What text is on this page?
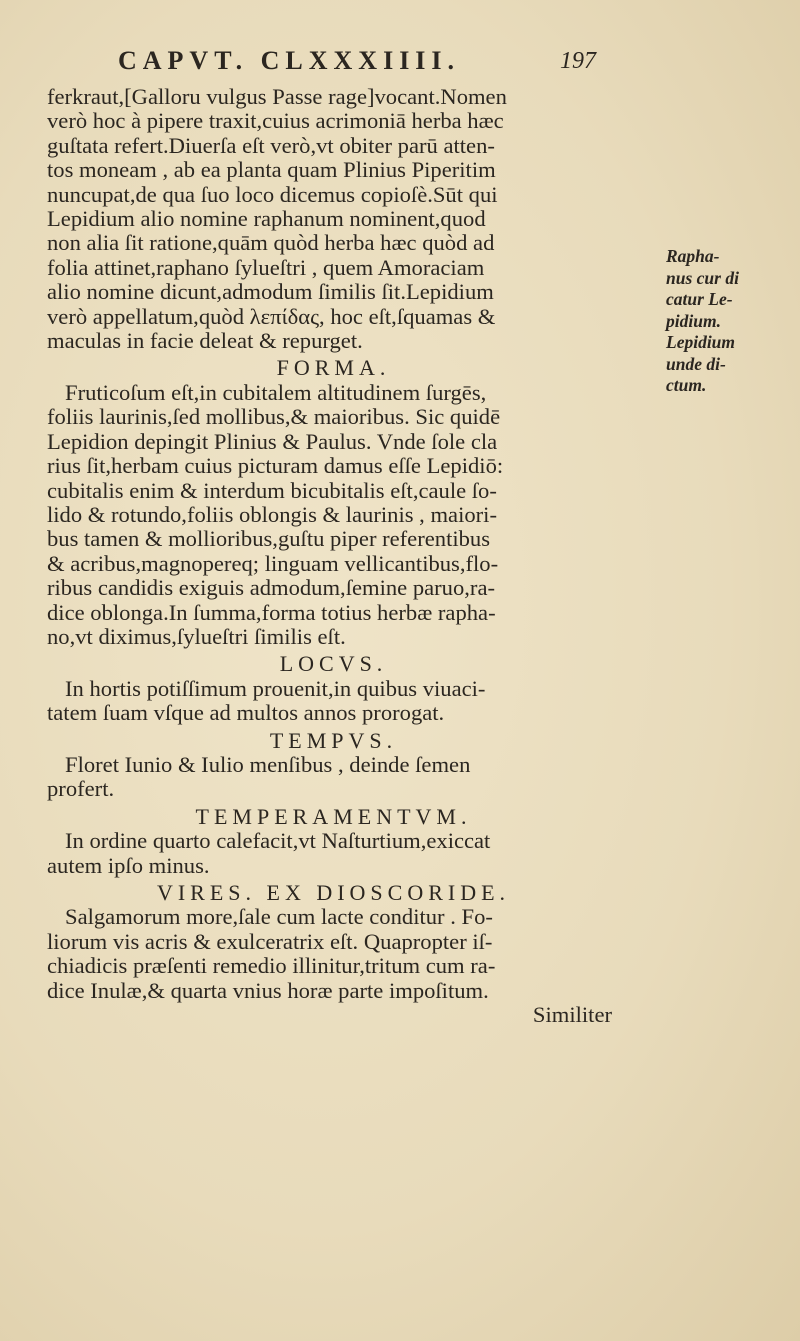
CAPVT. CLXXXIIII.	197
ferkraut,[Galloru vulgus Passe rage]vocant.Nomen
verò hoc à pipere traxit,cuius acrimoniā herba hæc
guſtata refert.Diuerſa eſt verò,vt obiter parū atten-
tos moneam , ab ea planta quam Plinius Piperitim
nuncupat,de qua ſuo loco dicemus copioſè.Sūt qui
Lepidium alio nomine raphanum nominent,quod
non alia ſit ratione,quām quòd herba hæc quòd ad
folia attinet,raphano ſylueſtri , quem Amoraciam
alio nomine dicunt,admodum ſimilis ſit.Lepidium
verò appellatum,quòd λεπίδας, hoc eſt,ſquamas &
maculas in facie deleat & repurget.
FORMA.
Fruticoſum eſt,in cubitalem altitudinem ſurgēs,
foliis laurinis,ſed mollibus,& maioribus. Sic quidē
Lepidion depingit Plinius & Paulus. Vnde ſole cla
rius ſit,herbam cuius picturam damus eſſe Lepidiō:
cubitalis enim & interdum bicubitalis eſt,caule ſo-
lido & rotundo,foliis oblongis & laurinis , maiori-
bus tamen & mollioribus,guſtu piper referentibus
& acribus,magnopereq; linguam vellicantibus,flo-
ribus candidis exiguis admodum,ſemine paruo,ra-
dice oblonga.In ſumma,forma totius herbæ rapha-
no,vt diximus,ſylueſtri ſimilis eſt.
LOCVS.
In hortis potiſſimum prouenit,in quibus viuaci-
tatem ſuam vſque ad multos annos prorogat.
TEMPVS.
Floret Iunio & Iulio menſibus , deinde ſemen
profert.
TEMPERAMENTVM.
In ordine quarto calefacit,vt Naſturtium,exiccat
autem ipſo minus.
VIRES. EX DIOSCORIDE.
Salgamorum more,ſale cum lacte conditur . Fo-
liorum vis acris & exulceratrix eſt. Quapropter iſ-
chiadicis præſenti remedio illinitur,tritum cum ra-
dice Inulæ,& quarta vnius horæ parte impoſitum.
Similiter
Rapha-
nus cur di
catur Le-
pidium.
Lepidium
unde di-
ctum.
